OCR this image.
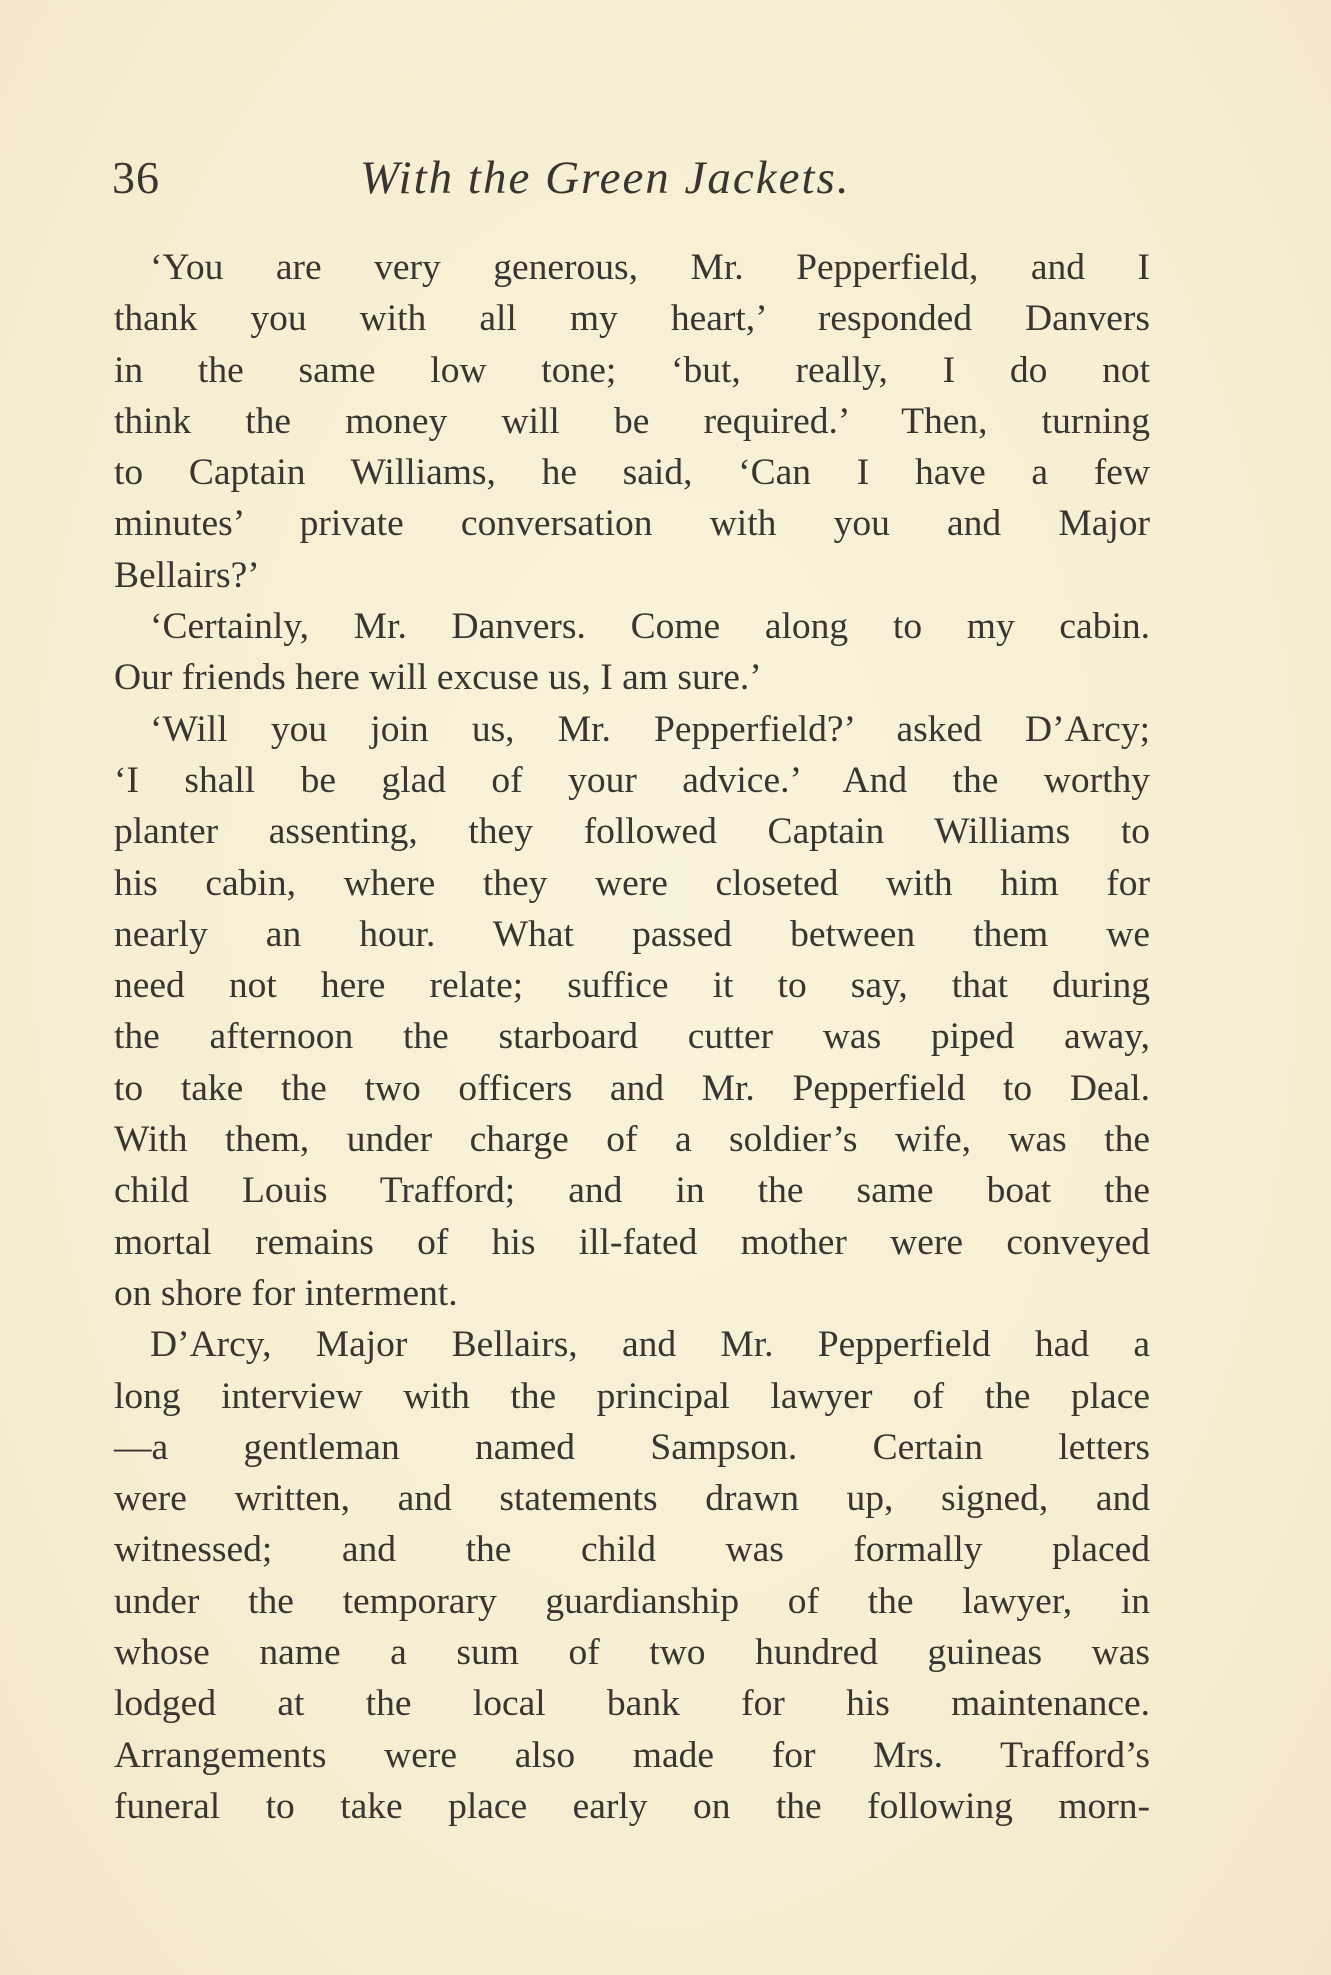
36	With the Green Jackets.
‘You are very generous, Mr. Pepperfield, and I
thank you with all my heart,’ responded Danvers
in the same low tone; ‘but, really, I do not
think the money will be required.’ Then, turning
to Captain Williams, he said, ‘Can I have a few
minutes’ private conversation with you and Major
Bellairs?’
‘Certainly, Mr. Danvers. Come along to my cabin.
Our friends here will excuse us, I am sure.’
‘Will you join us, Mr. Pepperfield?’ asked D’Arcy;
‘I shall be glad of your advice.’ And the worthy
planter assenting, they followed Captain Williams to
his cabin, where they were closeted with him for
nearly an hour. What passed between them we
need not here relate; suffice it to say, that during
the afternoon the starboard cutter was piped away,
to take the two officers and Mr. Pepperfield to Deal.
With them, under charge of a soldier’s wife, was the
child Louis Trafford; and in the same boat the
mortal remains of his ill-fated mother were conveyed
on shore for interment.
D’Arcy, Major Bellairs, and Mr. Pepperfield had a
long interview with the principal lawyer of the place
—a gentleman named Sampson. Certain letters
were written, and statements drawn up, signed, and
witnessed; and the child was formally placed
under the temporary guardianship of the lawyer, in
whose name a sum of two hundred guineas was
lodged at the local bank for his maintenance.
Arrangements were also made for Mrs. Trafford’s
funeral to take place early on the following morn-
